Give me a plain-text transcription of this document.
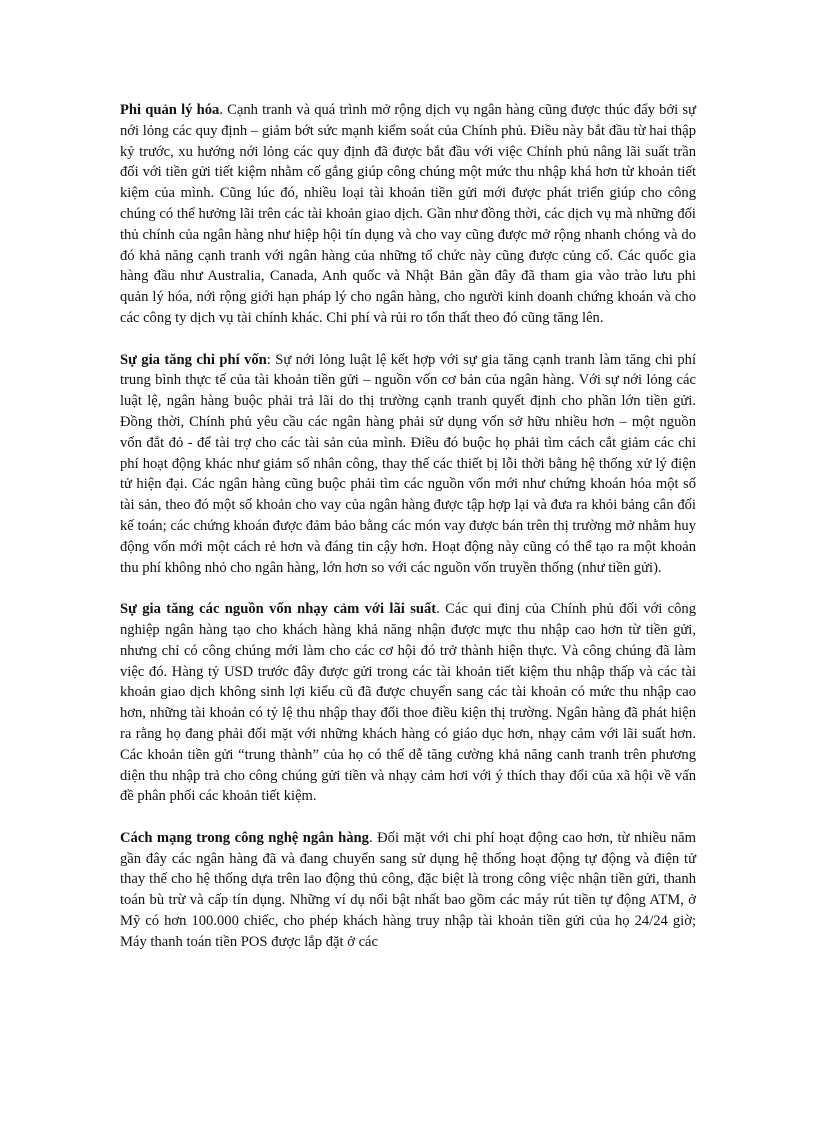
Phi quản lý hóa. Cạnh tranh và quá trình mở rộng dịch vụ ngân hàng cũng được thúc đẩy bởi sự nới lỏng các quy định – giảm bớt sức mạnh kiểm soát của Chính phủ. Điều này bắt đầu từ hai thập kỷ trước, xu hướng nới lỏng các quy định đã được bắt đầu với việc Chính phủ nâng lãi suất trần đối với tiền gửi tiết kiệm nhằm cố gắng giúp công chúng một mức thu nhập khá hơn từ khoản tiết kiệm của mình. Cũng lúc đó, nhiều loại tài khoản tiền gửi mới được phát triển giúp cho công chúng có thể hưởng lãi trên các tài khoản giao dịch. Gần như đồng thời, các dịch vụ mà những đối thủ chính của ngân hàng như hiệp hội tín dụng và cho vay cũng được mở rộng nhanh chóng và do đó khả năng cạnh tranh với ngân hàng của những tổ chức này cũng được củng cố. Các quốc gia hàng đầu như Australia, Canada, Anh quốc và Nhật Bản gần đây đã tham gia vào trào lưu phi quản lý hóa, nới rộng giới hạn pháp lý cho ngân hàng, cho người kinh doanh chứng khoán và cho các công ty dịch vụ tài chính khác. Chi phí và rủi ro tổn thất theo đó cũng tăng lên.

Sự gia tăng chi phí vốn: Sự nới lỏng luật lệ kết hợp với sự gia tăng cạnh tranh làm tăng chi phí trung bình thực tế của tài khoản tiền gửi – nguồn vốn cơ bản của ngân hàng. Với sự nới lỏng các luật lệ, ngân hàng buộc phải trả lãi do thị trường cạnh tranh quyết định cho phần lớn tiền gửi. Đồng thời, Chính phủ yêu cầu các ngân hàng phải sử dụng vốn sở hữu nhiều hơn – một nguồn vốn đắt đỏ - để tài trợ cho các tài sản của mình. Điều đó buộc họ phải tìm cách cắt giảm các chi phí hoạt động khác như giảm số nhân công, thay thế các thiết bị lỗi thời bằng hệ thống xử lý điện tử hiện đại. Các ngân hàng cũng buộc phải tìm các nguồn vốn mới như chứng khoán hóa một số tài sản, theo đó một số khoản cho vay của ngân hàng được tập hợp lại và đưa ra khỏi bảng cân đối kế toán; các chứng khoán được đảm bảo bằng các món vay được bán trên thị trường mở nhằm huy động vốn mới một cách rẻ hơn và đáng tin cậy hơn. Hoạt động này cũng có thể tạo ra một khoản thu phí không nhỏ cho ngân hàng, lớn hơn so với các nguồn vốn truyền thống (như tiền gửi).

Sự gia tăng các nguồn vốn nhạy cảm với lãi suất. Các qui đinj của Chính phủ đối với công nghiệp ngân hàng tạo cho khách hàng khả năng nhận được mực thu nhập cao hơn từ tiền gửi, nhưng chỉ có công chúng mới làm cho các cơ hội đó trở thành hiện thực. Và công chúng đã làm việc đó. Hàng tỷ USD trước đây được gửi trong các tài khoản tiết kiệm thu nhập thấp và các tài khoản giao dịch không sinh lợi kiểu cũ đã được chuyển sang các tài khoản có mức thu nhập cao hơn, những tài khoản có tỷ lệ thu nhập thay đổi thoe điều kiện thị trường. Ngân hàng đã phát hiện ra rằng họ đang phải đối mặt với những khách hàng có giáo dục hơn, nhạy cảm với lãi suất hơn. Các khoản tiền gửi “trung thành” của họ có thể dễ tăng cường khả năng canh tranh trên phương diện thu nhập trả cho công chúng gửi tiền và nhạy cảm hơi với ý thích thay đổi của xã hội về vấn đề phân phối các khoản tiết kiệm.

Cách mạng trong công nghệ ngân hàng. Đối mặt với chi phí hoạt động cao hơn, từ nhiều năm gần đây các ngân hàng đã và đang chuyển sang sử dụng hệ thống hoạt động tự động và điện tử thay thế cho hệ thống dựa trên lao động thủ công, đặc biệt là trong công việc nhận tiền gửi, thanh toán bù trừ và cấp tín dụng. Những ví dụ nổi bật nhất bao gồm các máy rút tiền tự động ATM, ở Mỹ có hơn 100.000 chiếc, cho phép khách hàng truy nhập tài khoản tiền gửi của họ 24/24 giờ; Máy thanh toán tiền POS được lắp đặt ở các
